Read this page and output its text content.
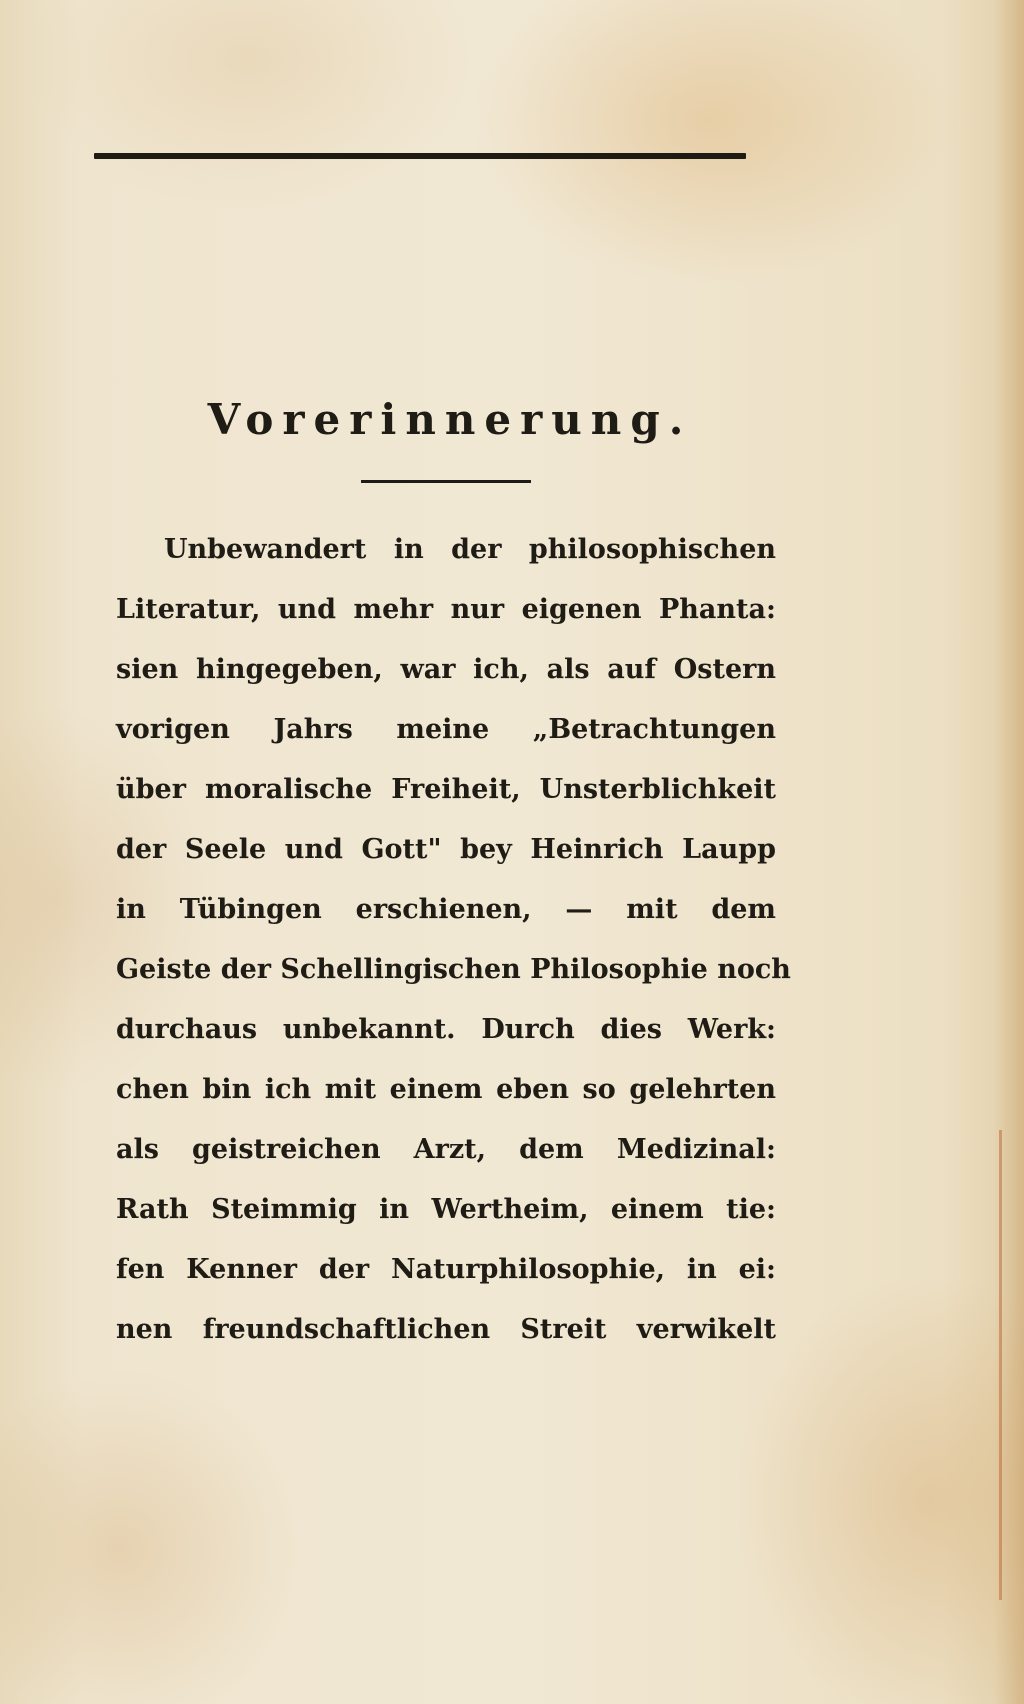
Vorerinnerung.
Unbewandert in der philosophischen
Literatur, und mehr nur eigenen Phanta:
sien hingegeben, war ich, als auf Ostern
vorigen Jahrs meine „Betrachtungen
über moralische Freiheit, Unsterblichkeit
der Seele und Gott" bey Heinrich Laupp
in Tübingen erschienen, — mit dem
Geiste der Schellingischen Philosophie noch
durchaus unbekannt. Durch dies Werk:
chen bin ich mit einem eben so gelehrten
als geistreichen Arzt, dem Medizinal:
Rath Steimmig in Wertheim, einem tie:
fen Kenner der Naturphilosophie, in ei:
nen freundschaftlichen Streit verwikelt
